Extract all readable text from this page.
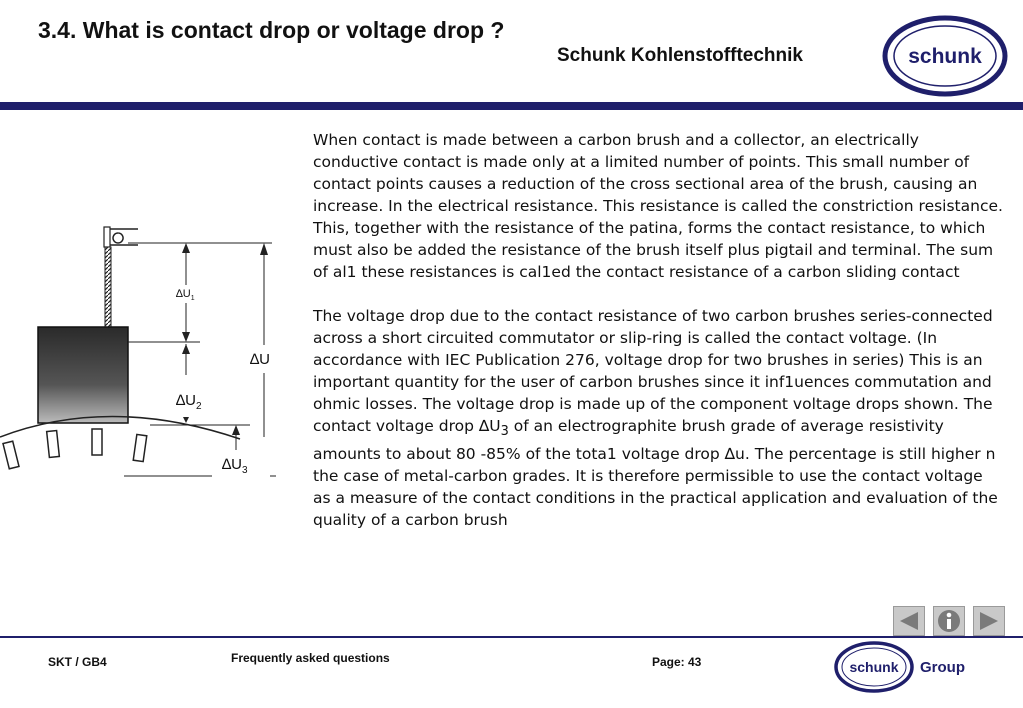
3.4. What is contact drop or voltage drop ?
Schunk Kohlenstofftechnik	schunk
$\Delta U_1$
∆U
$\Delta U_2$
$\Delta U_3$

When contact is made between a carbon brush and a collector, an electrically conductive contact is made only at a limited number of points. This small number of contact points causes a reduction of the cross sectional area of the brush, causing an increase. In the electrical resistance. This resistance is called the constriction resistance. This, together with the resistance of the patina, forms the contact resistance, to which must also be added the resistance of the brush itself plus pigtail and terminal. The sum of al1 these resistances is cal1ed the contact resistance of a carbon sliding contact

The voltage drop due to the contact resistance of two carbon brushes series-connected across a short circuited commutator or slip-ring is called the contact voltage. (In accordance with IEC Publication 276, voltage drop for two brushes in series) This is an important quantity for the user of carbon brushes since it inf1uences commutation and ohmic losses. The voltage drop is made up of the component voltage drops shown. The contact voltage drop $\Delta U_3$ of an electrographite brush grade of average resistivity amounts to about 80 -85% of the tota1 voltage drop ∆u. The percentage is still higher n the case of metal-carbon grades. It is therefore permissible to use the contact voltage as a measure of the contact conditions in the practical application and evaluation of the quality of a carbon brush

SKT / GB4	Frequently asked questions	Page: 43	schunk Group
